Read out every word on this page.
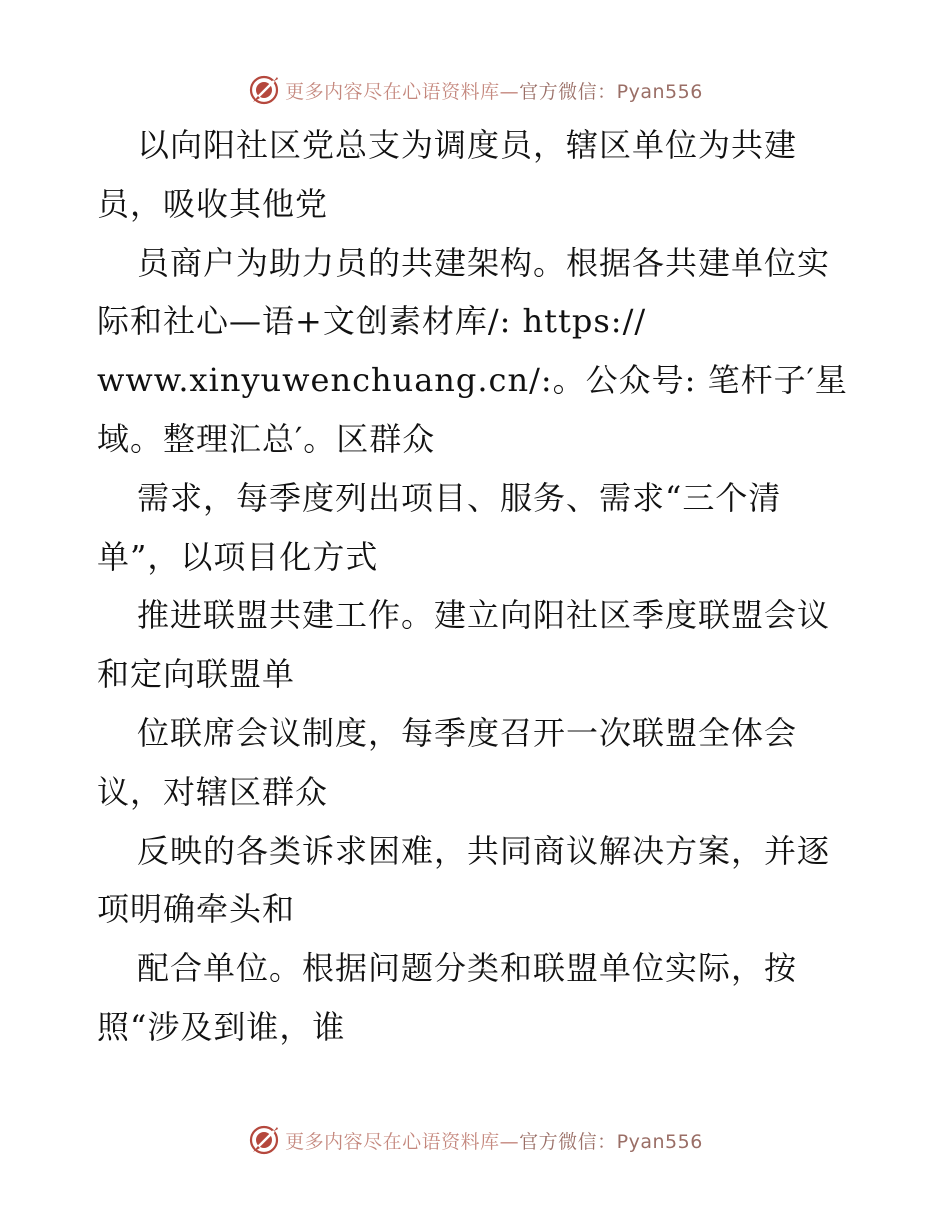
更多内容尽在心语资料库—官方微信：Pyan556
以向阳社区党总支为调度员，辖区单位为共建
员，吸收其他党
员商户为助力员的共建架构。根据各共建单位实
际和社心—语+文创素材库/: https://
www.xinyuwenchuang.cn/:。公众号: 笔杆子′星
域。整理汇总′。区群众
需求，每季度列出项目、服务、需求“三个清
单”，以项目化方式
推进联盟共建工作。建立向阳社区季度联盟会议
和定向联盟单
位联席会议制度，每季度召开一次联盟全体会
议，对辖区群众
反映的各类诉求困难，共同商议解决方案，并逐
项明确牵头和
配合单位。根据问题分类和联盟单位实际，按
照“涉及到谁，谁
更多内容尽在心语资料库—官方微信：Pyan556
